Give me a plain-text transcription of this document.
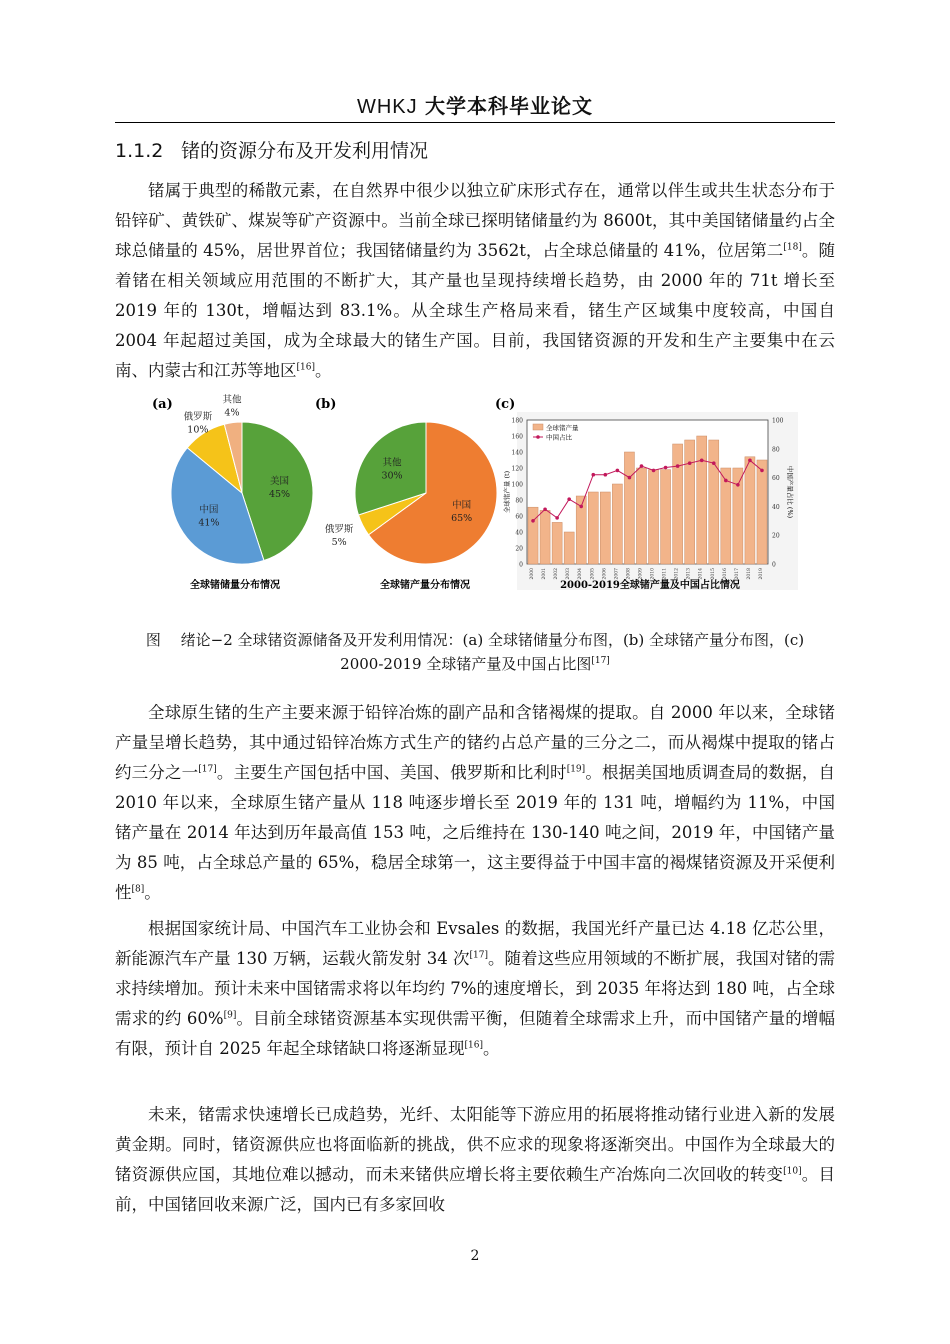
WHKJ 大学本科毕业论文
1.1.2 锗的资源分布及开发利用情况

锗属于典型的稀散元素，在自然界中很少以独立矿床形式存在，通常以伴生或共生状态分布于铅锌矿、黄铁矿、煤炭等矿产资源中。当前全球已探明锗储量约为 8600t，其中美国锗储量约占全球总储量的 45%，居世界首位；我国锗储量约为 3562t，占全球总储量的 41%，位居第二[18]。随着锗在相关领域应用范围的不断扩大，其产量也呈现持续增长趋势，由 2000 年的 71t 增长至 2019 年的 130t，增幅达到 83.1%。从全球生产格局来看，锗生产区域集中度较高，中国自 2004 年起超过美国，成为全球最大的锗生产国。目前，我国锗资源的开发和生产主要集中在云南、内蒙古和江苏等地区[16]。

(a)	(b)	(c)
美国
45%
中国
41%
俄罗斯
10%
其他
4%
中国
65%
俄罗斯
5%
其他
30%
0
20
40
60
80
100
120
140
160
180
0
20
40
60
80
100
2000 2001 2002 2003 2004 2005 2006 2007 2008 2009 2010 2011 2012 2013 2014 2015 2016 2017 2018 2019
全球锗产量 (t)	中国产量占比 (%)
全球锗产量
中国占比
全球锗储量分布情况	全球锗产量分布情况	2000-2019全球锗产量及中国占比情况
图　 绪论−2 全球锗资源储备及开发利用情况：(a) 全球锗储量分布图，(b) 全球锗产量分布图，(c)
2000-2019 全球锗产量及中国占比图[17]

全球原生锗的生产主要来源于铅锌冶炼的副产品和含锗褐煤的提取。自 2000 年以来，全球锗产量呈增长趋势，其中通过铅锌冶炼方式生产的锗约占总产量的三分之二，而从褐煤中提取的锗占约三分之一[17]。主要生产国包括中国、美国、俄罗斯和比利时[19]。根据美国地质调查局的数据，自 2010 年以来，全球原生锗产量从 118 吨逐步增长至 2019 年的 131 吨，增幅约为 11%，中国锗产量在 2014 年达到历年最高值 153 吨，之后维持在 130-140 吨之间，2019 年，中国锗产量为 85 吨，占全球总产量的 65%，稳居全球第一，这主要得益于中国丰富的褐煤锗资源及开采便利性[8]。

根据国家统计局、中国汽车工业协会和 Evsales 的数据，我国光纤产量已达 4.18 亿芯公里，新能源汽车产量 130 万辆，运载火箭发射 34 次[17]。随着这些应用领域的不断扩展，我国对锗的需求持续增加。预计未来中国锗需求将以年均约 7%的速度增长，到 2035 年将达到 180 吨，占全球需求的约 60%[9]。目前全球锗资源基本实现供需平衡，但随着全球需求上升，而中国锗产量的增幅有限，预计自 2025 年起全球锗缺口将逐渐显现[16]。

未来，锗需求快速增长已成趋势，光纤、太阳能等下游应用的拓展将推动锗行业进入新的发展黄金期。同时，锗资源供应也将面临新的挑战，供不应求的现象将逐渐突出。中国作为全球最大的锗资源供应国，其地位难以撼动，而未来锗供应增长将主要依赖生产冶炼向二次回收的转变[10]。目前，中国锗回收来源广泛，国内已有多家回收

2
